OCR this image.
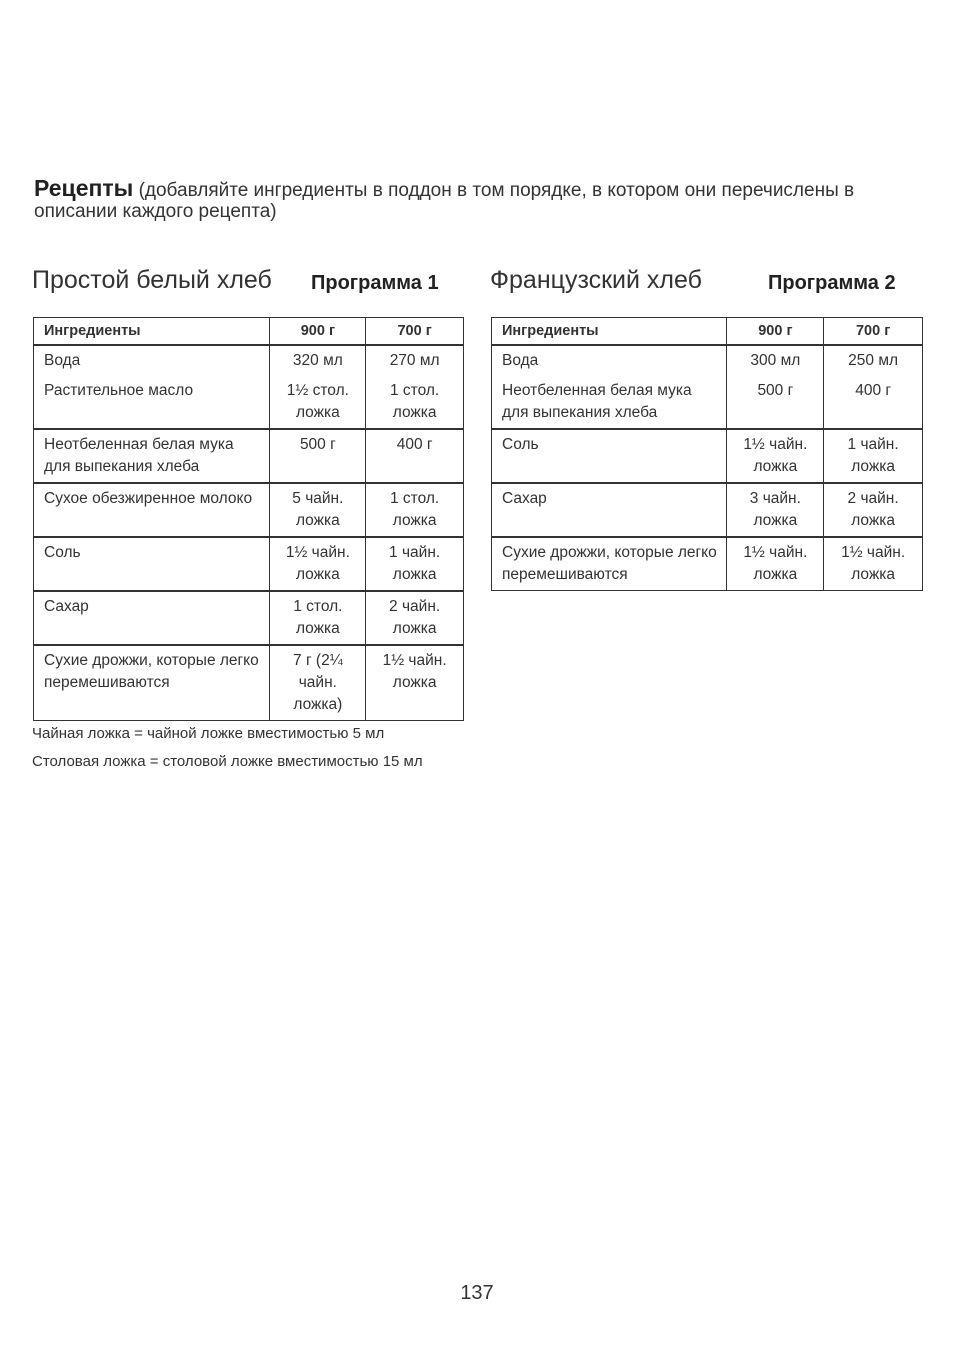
Рецепты (добавляйте ингредиенты в поддон в том порядке, в котором они перечислены в описании каждого рецепта)
Простой белый хлеб Программа 1 Французский хлеб	Программа 2
Ингредиенты	900 г	700 г
Вода	320 мл	270 мл
Растительное масло	1½ стол. ложка	1 стол. ложка
Неотбеленная белая мука для выпекания хлеба	500 г	400 г
Сухое обезжиренное молоко	5 чайн. ложка	1 стол. ложка
Соль	1½ чайн. ложка	1 чайн. ложка
Сахар	1 стол. ложка	2 чайн. ложка
Сухие дрожжи, которые легко перемешиваются	7 г (2¼ чайн. ложка)	1½ чайн. ложка
Ингредиенты	900 г	700 г
Вода	300 мл	250 мл
Неотбеленная белая мука для выпекания хлеба	500 г	400 г
Соль	1½ чайн. ложка	1 чайн. ложка
Сахар	3 чайн. ложка	2 чайн. ложка
Сухие дрожжи, которые легко перемешиваются	1½ чайн. ложка	1½ чайн. ложка
Чайная ложка = чайной ложке вместимостью 5 мл
Столовая ложка = столовой ложке вместимостью 15 мл
137
